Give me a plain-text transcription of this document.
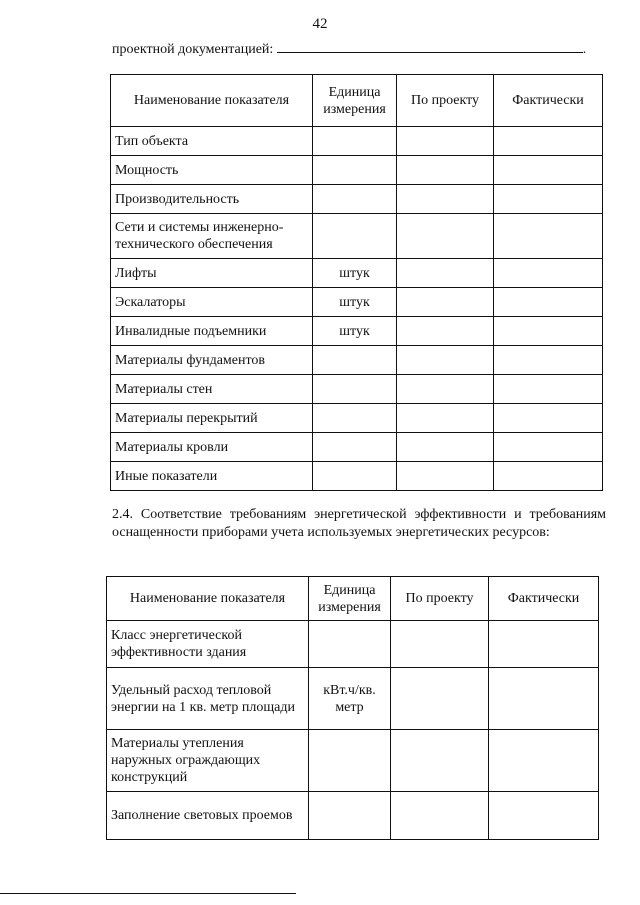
42
проектной документацией:	.
Наименование показателя	Единица измерения	По проекту	Фактически
Тип объекта			
Мощность			
Производительность			
Сети и системы инженерно-технического обеспечения			
Лифты	штук		
Эскалаторы	штук		
Инвалидные подъемники	штук		
Материалы фундаментов			
Материалы стен			
Материалы перекрытий			
Материалы кровли			
Иные показатели			
2.4. Соответствие требованиям энергетической эффективности и требованиям оснащенности приборами учета используемых энергетических ресурсов:
Наименование показателя	Единица измерения	По проекту	Фактически
Класс энергетической эффективности здания			
Удельный расход тепловой энергии на 1 кв. метр площади	кВт.ч/кв. метр		
Материалы утепления наружных ограждающих конструкций			
Заполнение световых проемов			
